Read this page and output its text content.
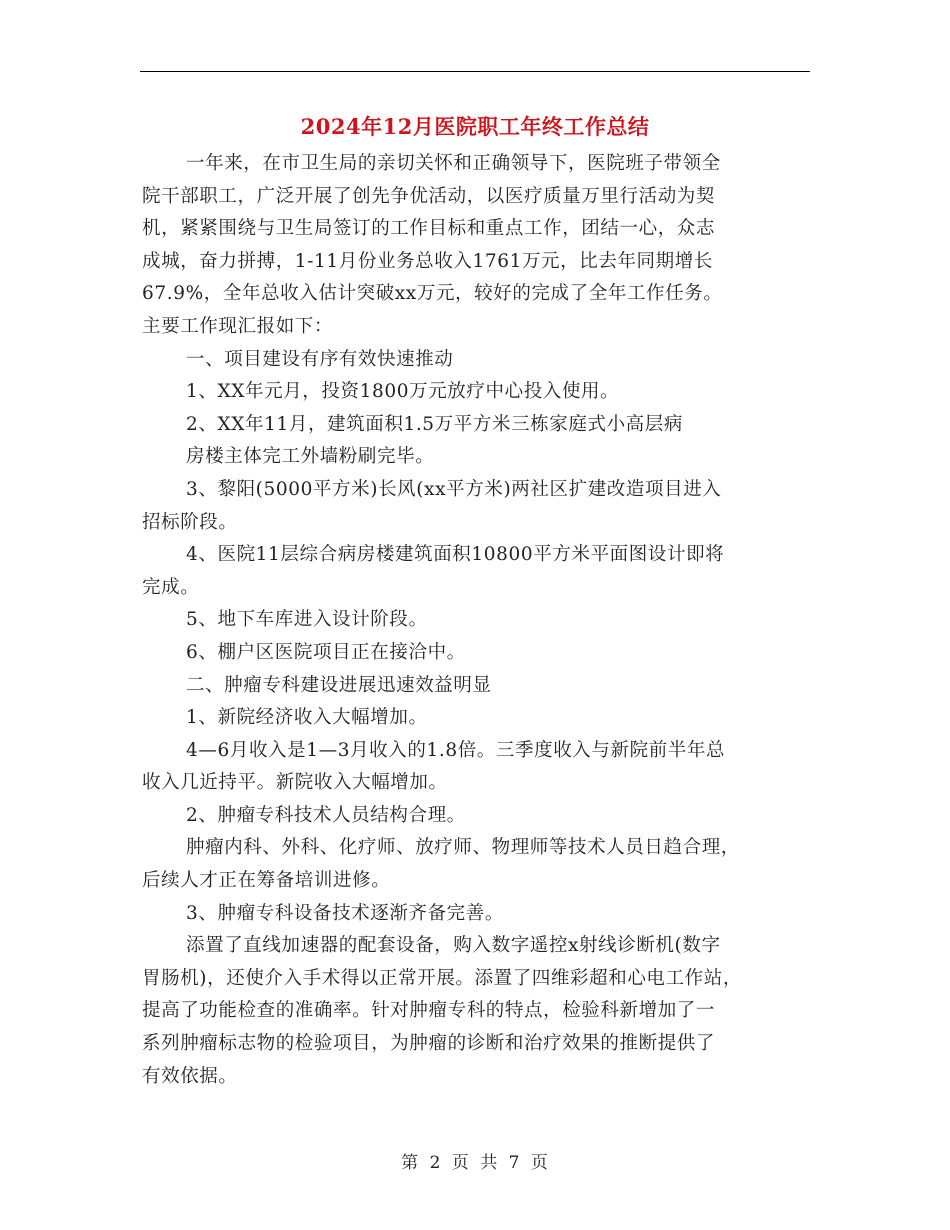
2024年12月医院职工年终工作总结
一年来，在市卫生局的亲切关怀和正确领导下，医院班子带领全
院干部职工，广泛开展了创先争优活动，以医疗质量万里行活动为契
机，紧紧围绕与卫生局签订的工作目标和重点工作，团结一心，众志
成城，奋力拼搏，1-11月份业务总收入1761万元，比去年同期增长
67.9%，全年总收入估计突破xx万元，较好的完成了全年工作任务。
主要工作现汇报如下：
一、项目建设有序有效快速推动
1、XX年元月，投资1800万元放疗中心投入使用。
2、XX年11月，建筑面积1.5万平方米三栋家庭式小高层病
房楼主体完工外墙粉刷完毕。
3、黎阳(5000平方米)长风(xx平方米)两社区扩建改造项目进入
招标阶段。
4、医院11层综合病房楼建筑面积10800平方米平面图设计即将
完成。
5、地下车库进入设计阶段。
6、棚户区医院项目正在接洽中。
二、肿瘤专科建设进展迅速效益明显
1、新院经济收入大幅增加。
4—6月收入是1—3月收入的1.8倍。三季度收入与新院前半年总
收入几近持平。新院收入大幅增加。
2、肿瘤专科技术人员结构合理。
肿瘤内科、外科、化疗师、放疗师、物理师等技术人员日趋合理，
后续人才正在筹备培训进修。
3、肿瘤专科设备技术逐渐齐备完善。
添置了直线加速器的配套设备，购入数字遥控x射线诊断机(数字
胃肠机)，还使介入手术得以正常开展。添置了四维彩超和心电工作站，
提高了功能检查的准确率。针对肿瘤专科的特点，检验科新增加了一
系列肿瘤标志物的检验项目，为肿瘤的诊断和治疗效果的推断提供了
有效依据。
第 2 页 共 7 页
